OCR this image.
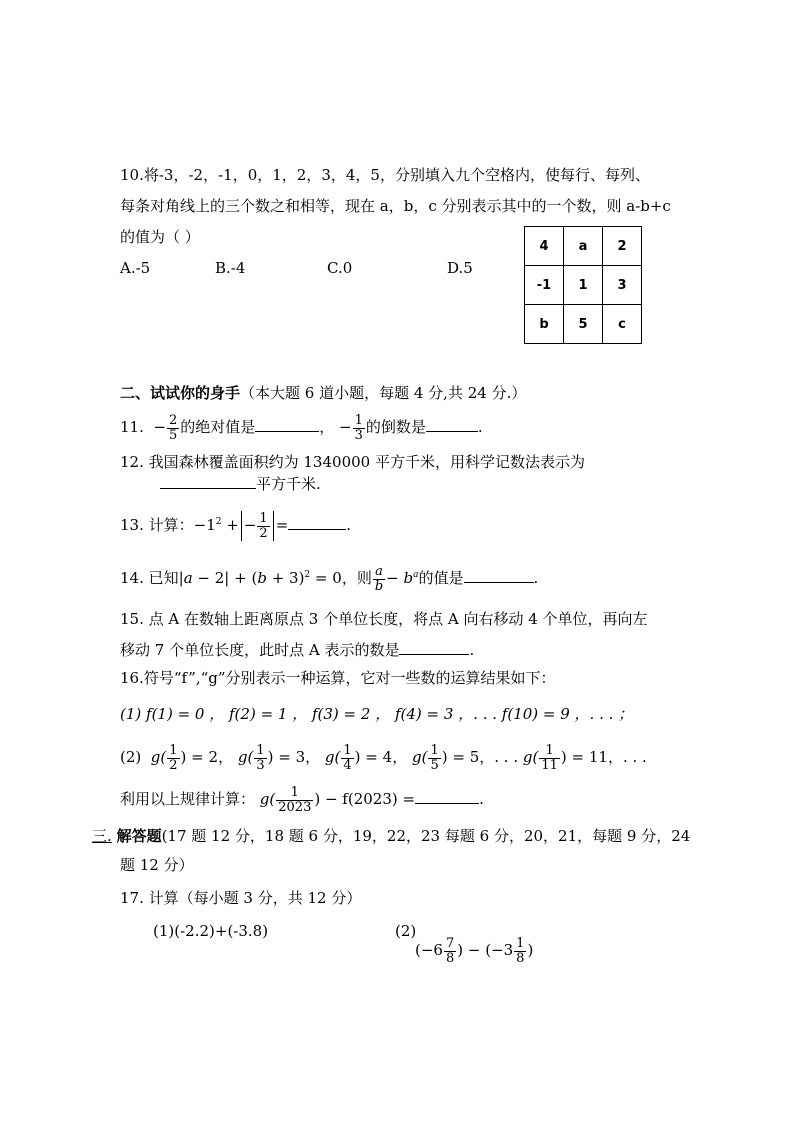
10.将-3，-2，-1，0，1，2，3，4，5，分别填入九个空格内，使每行、每列、
每条对角线上的三个数之和相等，现在 a，b，c 分别表示其中的一个数，则 a-b+c
的值为（ ）
A.-5	B.-4	C.0	D.5
4	a	2
-1	1	3
b	5	c
二、试试你的身手（本大题 6 道小题，每题 4 分,共 24 分.）
11.  − $\frac{2}{5}$ 的绝对值是	， − $\frac{1}{3}$ 的倒数是	.
12. 我国森林覆盖面积约为 1340000 平方千米，用科学记数法表示为
平方千米.
13. 计算：$-1^2$ + − $\frac{1}{2}$ =	.
14. 已知$|a - 2| + (b + 3)^2 = 0$，则 $\frac{a}{b} - b^a$的值是	.
15. 点 A 在数轴上距离原点 3 个单位长度，将点 A 向右移动 4 个单位，再向左
移动 7 个单位长度，此时点 A 表示的数是	.
16.符号“f”,“g”分别表示一种运算，它对一些数的运算结果如下：
(1) f(1) = 0 ， f(2) = 1 ， f(3) = 2 ， f(4) = 3 ，. . . f(10) = 9 ，. . . ；
(2)  $g( \frac{1}{2}$ ) = 2， $g( \frac{1}{3}$ ) = 3， $g( \frac{1}{4}$ ) = 4， $g( \frac{1}{5}$ ) = 5，. . . $g( \frac{1}{11}$ ) = 11，. . .
利用以上规律计算： $g( \frac{1}{2023}$ ) − f(2023) =	.
三. 解答题(17 题 12 分，18 题 6 分，19，22，23 每题 6 分，20，21，每题 9 分，24
题 12 分）
17. 计算（每小题 3 分，共 12 分）
(1)(-2.2)+(-3.8)	(2)
($-6 \frac{7}{8}$ ) − ($-3 \frac{1}{8}$ )
